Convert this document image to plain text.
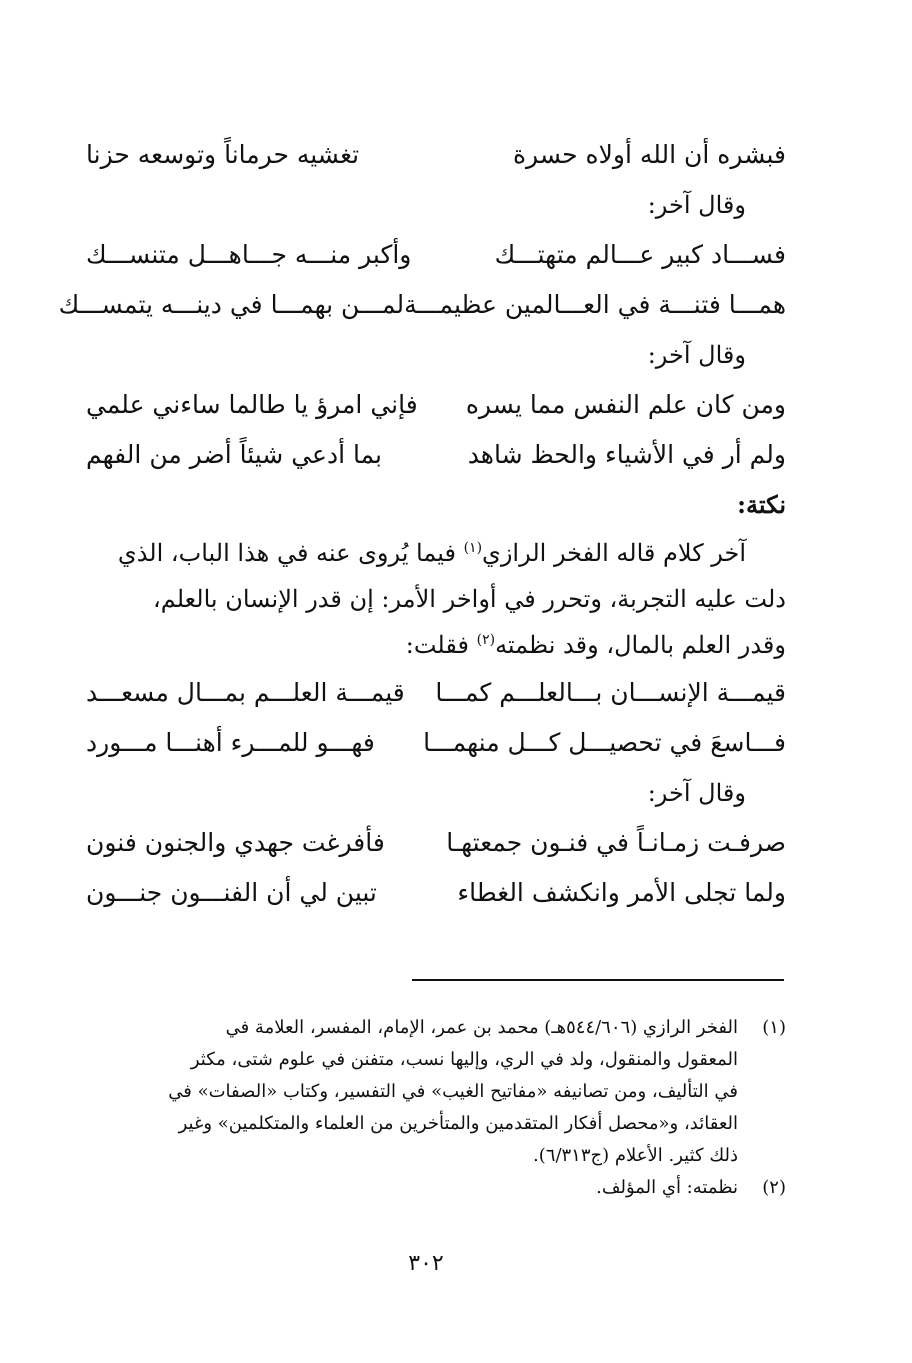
فبشره أن الله أولاه حسرة
تغشيه حرماناً وتوسعه حزنا
وقال آخر:
فســـاد كبير عـــالم متهتـــك
وأكبر منـــه جـــاهـــل متنســـك
همـــا فتنـــة في العـــالمين عظيمـــة
لمـــن بهمـــا في دينـــه يتمســـك
وقال آخر:
ومن كان علم النفس مما يسره
فإني امرؤ يا طالما ساءني علمي
ولم أر في الأشياء والحظ شاهد
بما أدعي شيئاً أضر من الفهم
نكتة:
آخر كلام قاله الفخر الرازي$^{(١)}$ فيما يُروى عنه في هذا الباب، الذي
دلت عليه التجربة، وتحرر في أواخر الأمر: إن قدر الإنسان بالعلم،
وقدر العلم بالمال، وقد نظمته$^{(٢)}$ فقلت:
قيمـــة الإنســـان بـــالعلـــم كمـــا
قيمـــة العلـــم بمـــال مسعـــد
فـــاسعَ في تحصيـــل كـــل منهمـــا
فهـــو للمـــرء أهنـــا مـــورد
وقال آخر:
صرفـت زمـانـاً في فنـون جمعتهـا
فأفرغت جهدي والجنون فنون
ولما تجلى الأمر وانكشف الغطاء
تبين لي أن الفنـــون جنـــون
(١)
الفخر الرازي (٥٤٤/٦٠٦هـ) محمد بن عمر، الإمام، المفسر، العلامة في
المعقول والمنقول، ولد في الري، وإليها نسب، متفنن في علوم شتى، مكثر
في التأليف، ومن تصانيفه «مفاتيح الغيب» في التفسير، وكتاب «الصفات» في
العقائد، و«محصل أفكار المتقدمين والمتأخرين من العلماء والمتكلمين» وغير
ذلك كثير. الأعلام (ج٦/٣١٣).
(٢)
نظمته: أي المؤلف.
٣٠٢
